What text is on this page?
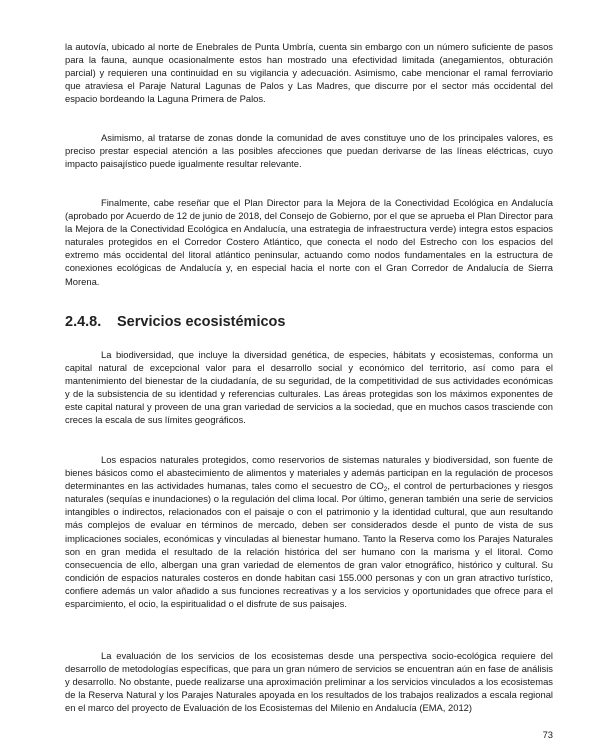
la autovía, ubicado al norte de Enebrales de Punta Umbría, cuenta sin embargo con un número suficiente de pasos para la fauna, aunque ocasionalmente estos han mostrado una efectividad limitada (anegamientos, obturación parcial) y requieren una continuidad en su vigilancia y adecuación. Asimismo, cabe mencionar el ramal ferroviario que atraviesa el Paraje Natural Lagunas de Palos y Las Madres, que discurre por el sector más occidental del espacio bordeando la Laguna Primera de Palos.

Asimismo, al tratarse de zonas donde la comunidad de aves constituye uno de los principales valores, es preciso prestar especial atención a las posibles afecciones que puedan derivarse de las líneas eléctricas, cuyo impacto paisajístico puede igualmente resultar relevante.

Finalmente, cabe reseñar que el Plan Director para la Mejora de la Conectividad Ecológica en Andalucía (aprobado por Acuerdo de 12 de junio de 2018, del Consejo de Gobierno, por el que se aprueba el Plan Director para la Mejora de la Conectividad Ecológica en Andalucía, una estrategia de infraestructura verde) integra estos espacios naturales protegidos en el Corredor Costero Atlántico, que conecta el nodo del Estrecho con los espacios del extremo más occidental del litoral atlántico peninsular, actuando como nodos fundamentales en la estructura de conexiones ecológicas de Andalucía y, en especial hacia el norte con el Gran Corredor de Andalucía de Sierra Morena.

2.4.8. Servicios ecosistémicos

La biodiversidad, que incluye la diversidad genética, de especies, hábitats y ecosistemas, conforma un capital natural de excepcional valor para el desarrollo social y económico del territorio, así como para el mantenimiento del bienestar de la ciudadanía, de su seguridad, de la competitividad de sus actividades económicas y de la subsistencia de su identidad y referencias culturales. Las áreas protegidas son los máximos exponentes de este capital natural y proveen de una gran variedad de servicios a la sociedad, que en muchos casos trasciende con creces la escala de sus límites geográficos.

Los espacios naturales protegidos, como reservorios de sistemas naturales y biodiversidad, son fuente de bienes básicos como el abastecimiento de alimentos y materiales y además participan en la regulación de procesos determinantes en las actividades humanas, tales como el secuestro de $CO_2$, el control de perturbaciones y riesgos naturales (sequías e inundaciones) o la regulación del clima local. Por último, generan también una serie de servicios intangibles o indirectos, relacionados con el paisaje o con el patrimonio y la identidad cultural, que aun resultando más complejos de evaluar en términos de mercado, deben ser considerados desde el punto de vista de sus implicaciones sociales, económicas y vinculadas al bienestar humano. Tanto la Reserva como los Parajes Naturales son en gran medida el resultado de la relación histórica del ser humano con la marisma y el litoral. Como consecuencia de ello, albergan una gran variedad de elementos de gran valor etnográfico, histórico y cultural. Su condición de espacios naturales costeros en donde habitan casi 155.000 personas y con un gran atractivo turístico, confiere además un valor añadido a sus funciones recreativas y a los servicios y oportunidades que ofrece para el esparcimiento, el ocio, la espiritualidad o el disfrute de sus paisajes.

La evaluación de los servicios de los ecosistemas desde una perspectiva socio-ecológica requiere del desarrollo de metodologías específicas, que para un gran número de servicios se encuentran aún en fase de análisis y desarrollo. No obstante, puede realizarse una aproximación preliminar a los servicios vinculados a los ecosistemas de la Reserva Natural y los Parajes Naturales apoyada en los resultados de los trabajos realizados a escala regional en el marco del proyecto de Evaluación de los Ecosistemas del Milenio en Andalucía (EMA, 2012)

73
